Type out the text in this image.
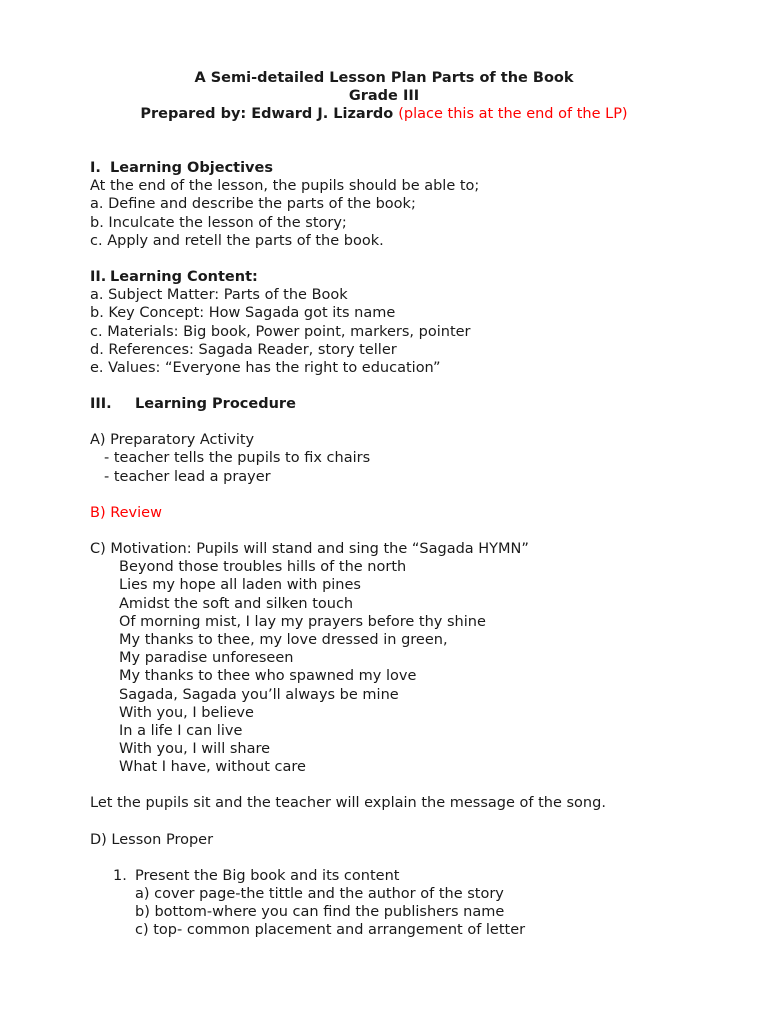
A Semi-detailed Lesson Plan Parts of the Book
Grade III
Prepared by: Edward J. Lizardo (place this at the end of the LP)
I. Learning Objectives
At the end of the lesson, the pupils should be able to;
a. Define and describe the parts of the book;
b. Inculcate the lesson of the story;
c. Apply and retell the parts of the book.
II. Learning Content:
a. Subject Matter: Parts of the Book
b. Key Concept: How Sagada got its name
c. Materials: Big book, Power point, markers, pointer
d. References: Sagada Reader, story teller
e. Values: “Everyone has the right to education”
III. Learning Procedure
A) Preparatory Activity
- teacher tells the pupils to fix chairs
- teacher lead a prayer
B) Review
C) Motivation: Pupils will stand and sing the “Sagada HYMN”
Beyond those troubles hills of the north
Lies my hope all laden with pines
Amidst the soft and silken touch
Of morning mist, I lay my prayers before thy shine
My thanks to thee, my love dressed in green,
My paradise unforeseen
My thanks to thee who spawned my love
Sagada, Sagada you’ll always be mine
With you, I believe
In a life I can live
With you, I will share
What I have, without care
Let the pupils sit and the teacher will explain the message of the song.
D) Lesson Proper
1. Present the Big book and its content
a) cover page-the tittle and the author of the story
b) bottom-where you can find the publishers name
c) top- common placement and arrangement of letter
